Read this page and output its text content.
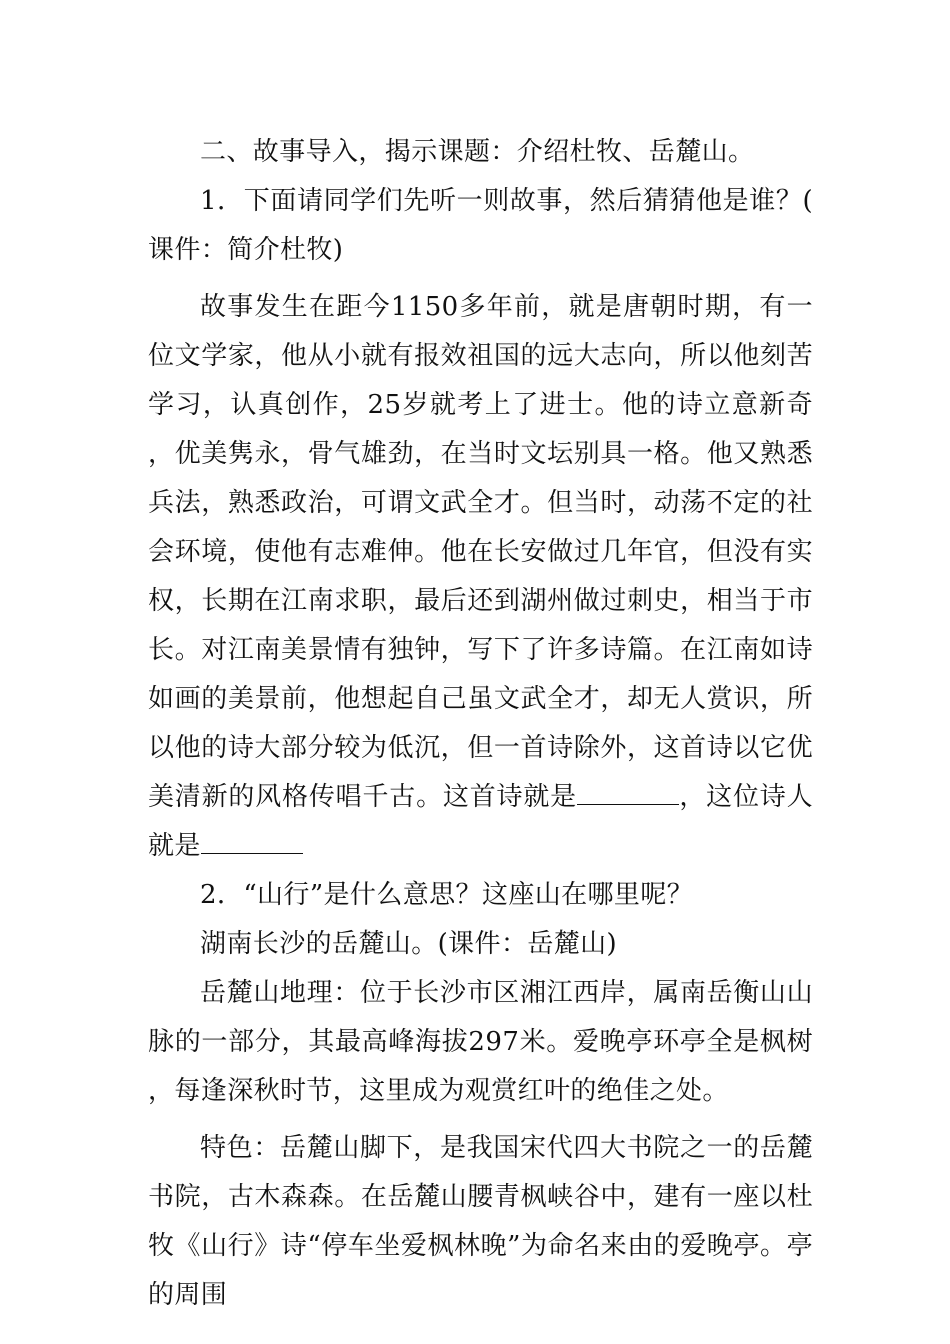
二、故事导入，揭示课题：介绍杜牧、岳麓山。

1．下面请同学们先听一则故事，然后猜猜他是谁？(课件：简介杜牧)

故事发生在距今1150多年前，就是唐朝时期，有一位文学家，他从小就有报效祖国的远大志向，所以他刻苦学习，认真创作，25岁就考上了进士。他的诗立意新奇，优美隽永，骨气雄劲，在当时文坛别具一格。他又熟悉兵法，熟悉政治，可谓文武全才。但当时，动荡不定的社会环境，使他有志难伸。他在长安做过几年官，但没有实权，长期在江南求职，最后还到湖州做过刺史，相当于市长。对江南美景情有独钟，写下了许多诗篇。在江南如诗如画的美景前，他想起自己虽文武全才，却无人赏识，所以他的诗大部分较为低沉，但一首诗除外，这首诗以它优美清新的风格传唱千古。这首诗就是	，这位诗人就是

2．“山行”是什么意思？这座山在哪里呢？

湖南长沙的岳麓山。(课件：岳麓山)

岳麓山地理：位于长沙市区湘江西岸，属南岳衡山山脉的一部分，其最高峰海拔297米。爱晚亭环亭全是枫树，每逢深秋时节，这里成为观赏红叶的绝佳之处。

特色：岳麓山脚下，是我国宋代四大书院之一的岳麓书院，古木森森。在岳麓山腰青枫峡谷中，建有一座以杜牧《山行》诗“停车坐爱枫林晚”为命名来由的爱晚亭。亭的周围
